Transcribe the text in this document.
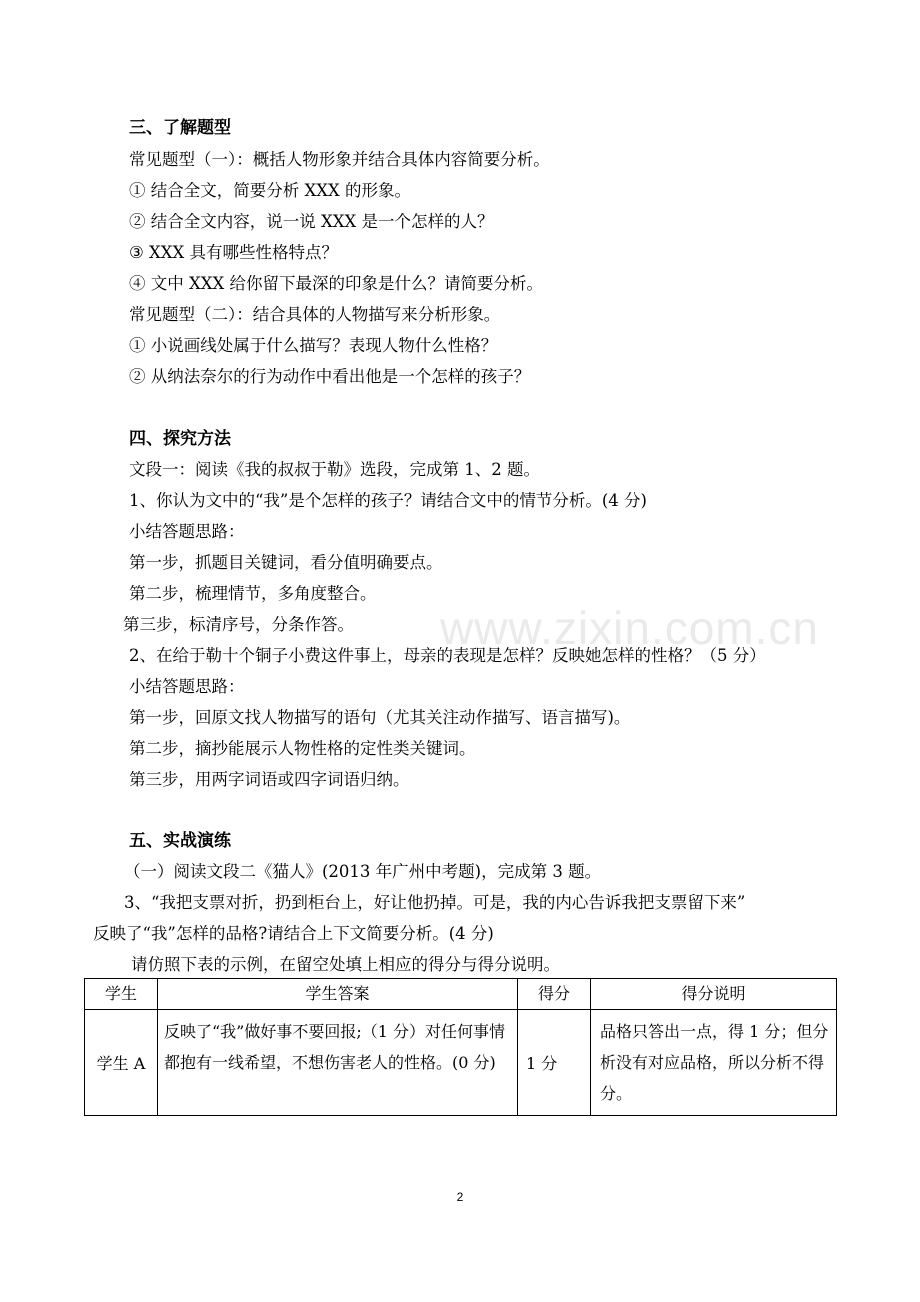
三、了解题型
常见题型（一）：概括人物形象并结合具体内容简要分析。
① 结合全文，简要分析 XXX 的形象。
② 结合全文内容，说一说 XXX 是一个怎样的人？
③ XXX 具有哪些性格特点？
④ 文中 XXX 给你留下最深的印象是什么？请简要分析。
常见题型（二）：结合具体的人物描写来分析形象。
① 小说画线处属于什么描写？表现人物什么性格？
② 从纳法奈尔的行为动作中看出他是一个怎样的孩子？
四、探究方法
文段一：阅读《我的叔叔于勒》选段，完成第 1、2 题。
1、你认为文中的“我”是个怎样的孩子？请结合文中的情节分析。(4 分)
小结答题思路：
第一步，抓题目关键词，看分值明确要点。
第二步，梳理情节，多角度整合。
第三步，标清序号，分条作答。
2、在给于勒十个铜子小费这件事上，母亲的表现是怎样？反映她怎样的性格？（5 分）
小结答题思路：
第一步，回原文找人物描写的语句（尤其关注动作描写、语言描写)。
第二步，摘抄能展示人物性格的定性类关键词。
第三步，用两字词语或四字词语归纳。
五、实战演练
（一）阅读文段二《猫人》(2013 年广州中考题)，完成第 3 题。
3、“我把支票对折，扔到柜台上，好让他扔掉。可是，我的内心告诉我把支票留下来”
反映了“我”怎样的品格?请结合上下文简要分析。(4 分)
请仿照下表的示例，在留空处填上相应的得分与得分说明。
学生	学生答案	得分	得分说明
学生 A	反映了“我”做好事不要回报;（1 分）对任何事情都抱有一线希望，不想伤害老人的性格。(0 分)	1 分	品格只答出一点，得 1 分；但分析没有对应品格，所以分析不得分。
www.zixin.com.cn
2
